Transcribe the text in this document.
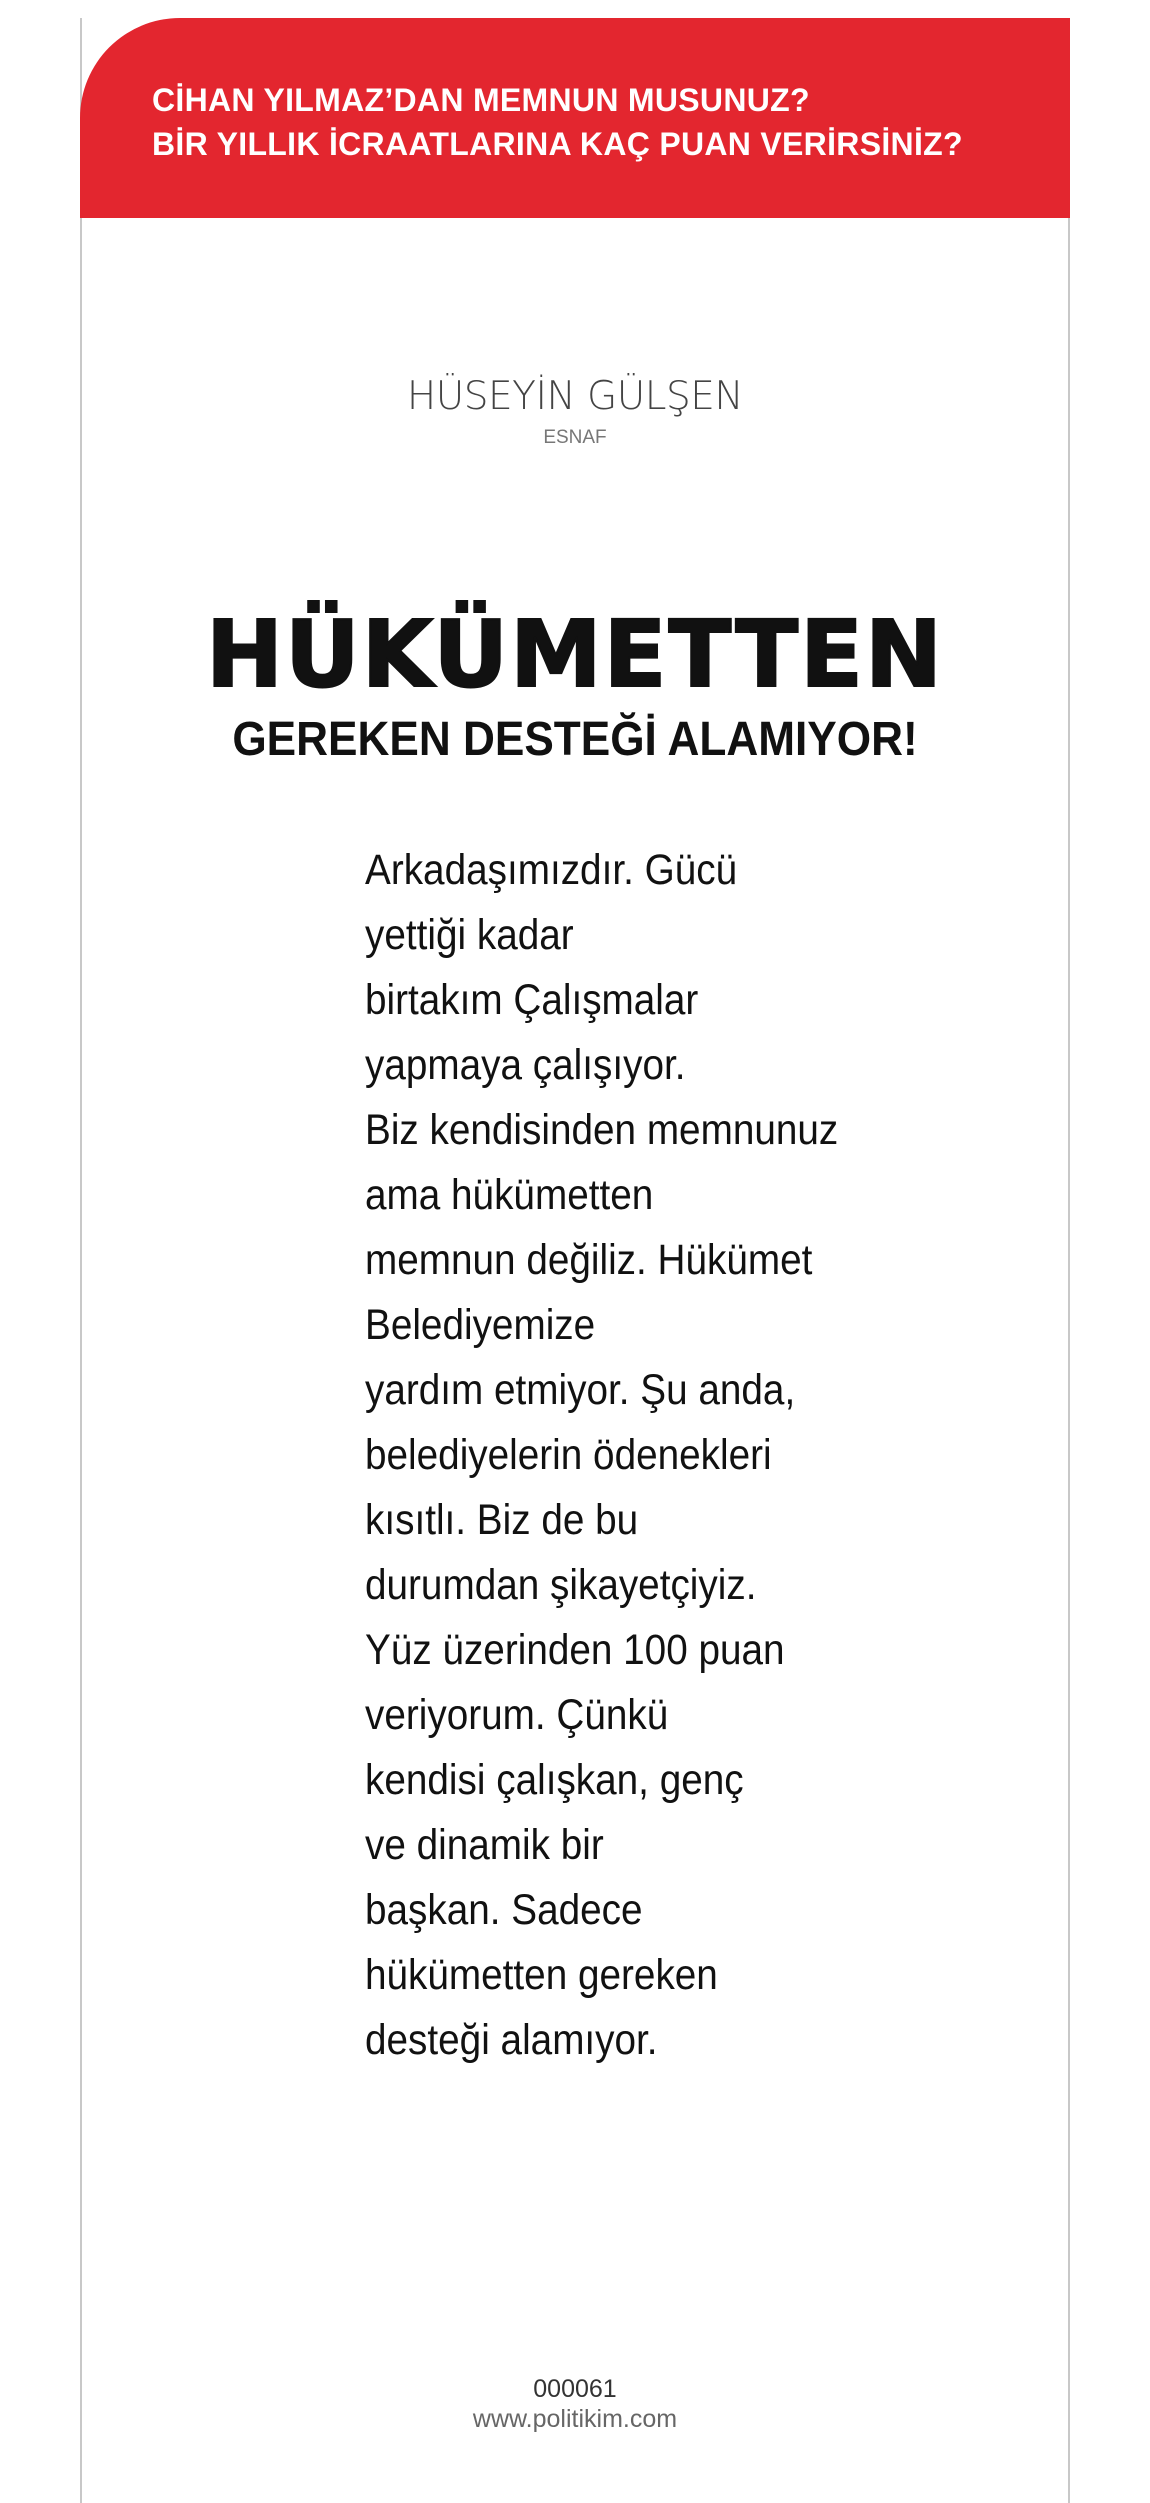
CİHAN YILMAZ’DAN MEMNUN MUSUNUZ?
BİR YILLIK İCRAATLARINA KAÇ PUAN VERİRSİNİZ?
HÜSEYİN GÜLŞEN
ESNAF
HÜKÜMETTEN
GEREKEN DESTEĞİ ALAMIYOR!
Arkadaşımızdır. Gücü
yettiği kadar
birtakım Çalışmalar
yapmaya çalışıyor.
Biz kendisinden memnunuz
ama hükümetten
memnun değiliz. Hükümet
Belediyemize
yardım etmiyor. Şu anda,
belediyelerin ödenekleri
kısıtlı. Biz de bu
durumdan şikayetçiyiz.
Yüz üzerinden 100 puan
veriyorum. Çünkü
kendisi çalışkan, genç
ve dinamik bir
başkan. Sadece
hükümetten gereken
desteği alamıyor.
000061
www.politikim.com
